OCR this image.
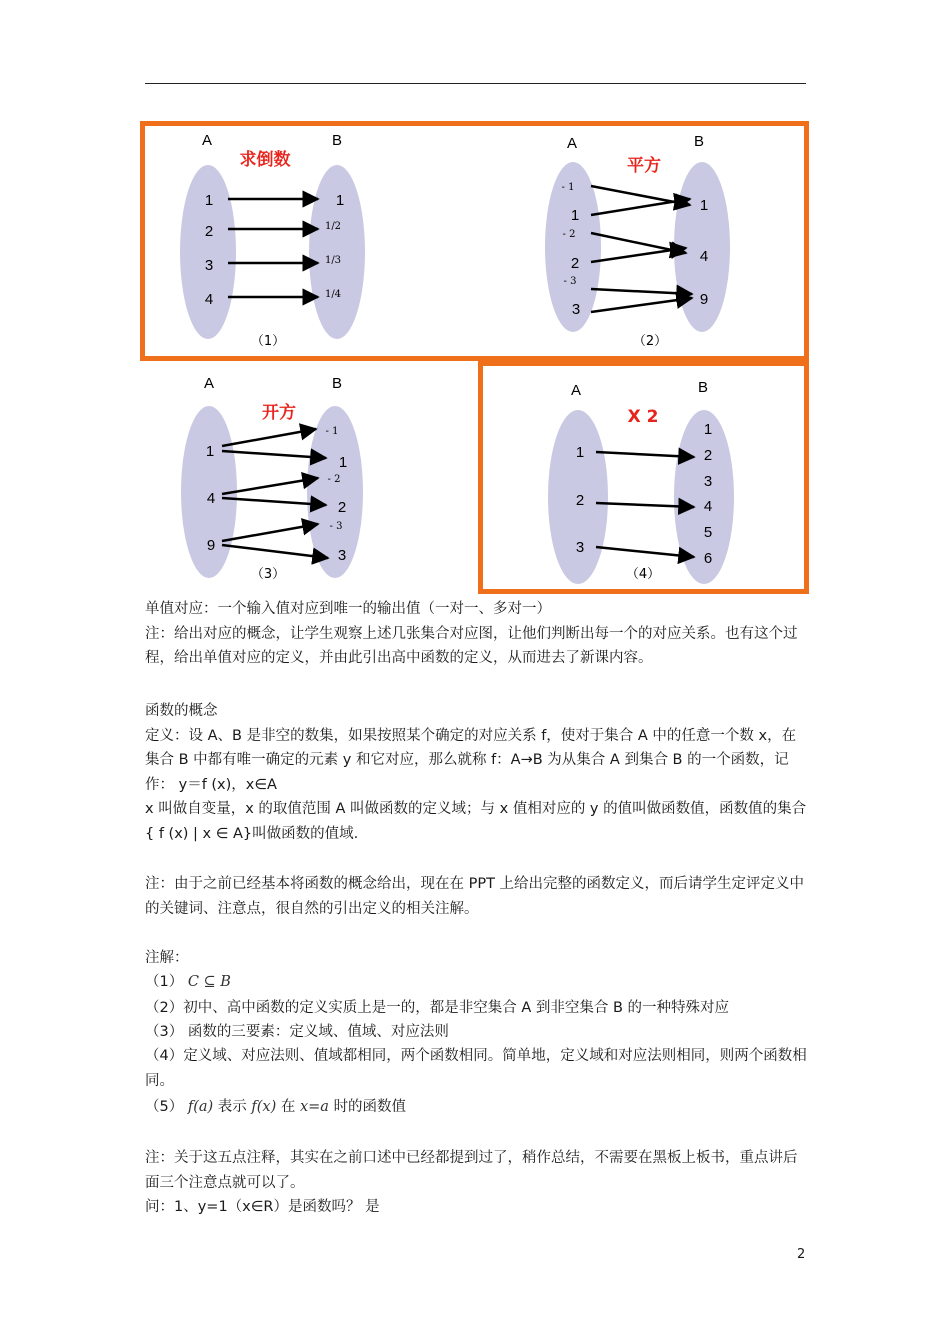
A	B
求倒数
1
2
3
4
1
1/2
1/3
1/4
（1）
A	B
平方
- 1
1
- 2
2
- 3
3
1
4
9
（2）
A	B
开方
1
4
9
- 1
1
- 2
2
- 3
3
（3）
A	B
X 2
1
2
3
1
2
3
4
5
6
（4）

单值对应：一个输入值对应到唯一的输出值（一对一、多对一）

注：给出对应的概念，让学生观察上述几张集合对应图，让他们判断出每一个的对应关系。也有这个过程，给出单值对应的定义，并由此引出高中函数的定义，从而进去了新课内容。

函数的概念

定义：设 A、B 是非空的数集，如果按照某个确定的对应关系 f，使对于集合 A 中的任意一个数 x，在集合 B 中都有唯一确定的元素 y 和它对应，那么就称 f：A→B 为从集合 A 到集合 B 的一个函数，记作： y＝f (x)，x∈A

x 叫做自变量，x 的取值范围 A 叫做函数的定义域；与 x 值相对应的 y 的值叫做函数值，函数值的集合{ f (x) | x ∈ A}叫做函数的值域.

注：由于之前已经基本将函数的概念给出，现在在 PPT 上给出完整的函数定义，而后请学生定评定义中的关键词、注意点，很自然的引出定义的相关注解。

注解：
（1） C ⊆ B
（2）初中、高中函数的定义实质上是一的，都是非空集合 A 到非空集合 B 的一种特殊对应
（3） 函数的三要素：定义域、值域、对应法则

（4）定义域、对应法则、值域都相同，两个函数相同。简单地，定义域和对应法则相同，则两个函数相同。

（5） f(a) 表示 f(x) 在 x=a 时的函数值

注：关于这五点注释，其实在之前口述中已经都提到过了，稍作总结，不需要在黑板上板书，重点讲后面三个注意点就可以了。

问：1、y=1（x∈R）是函数吗？ 是

2
